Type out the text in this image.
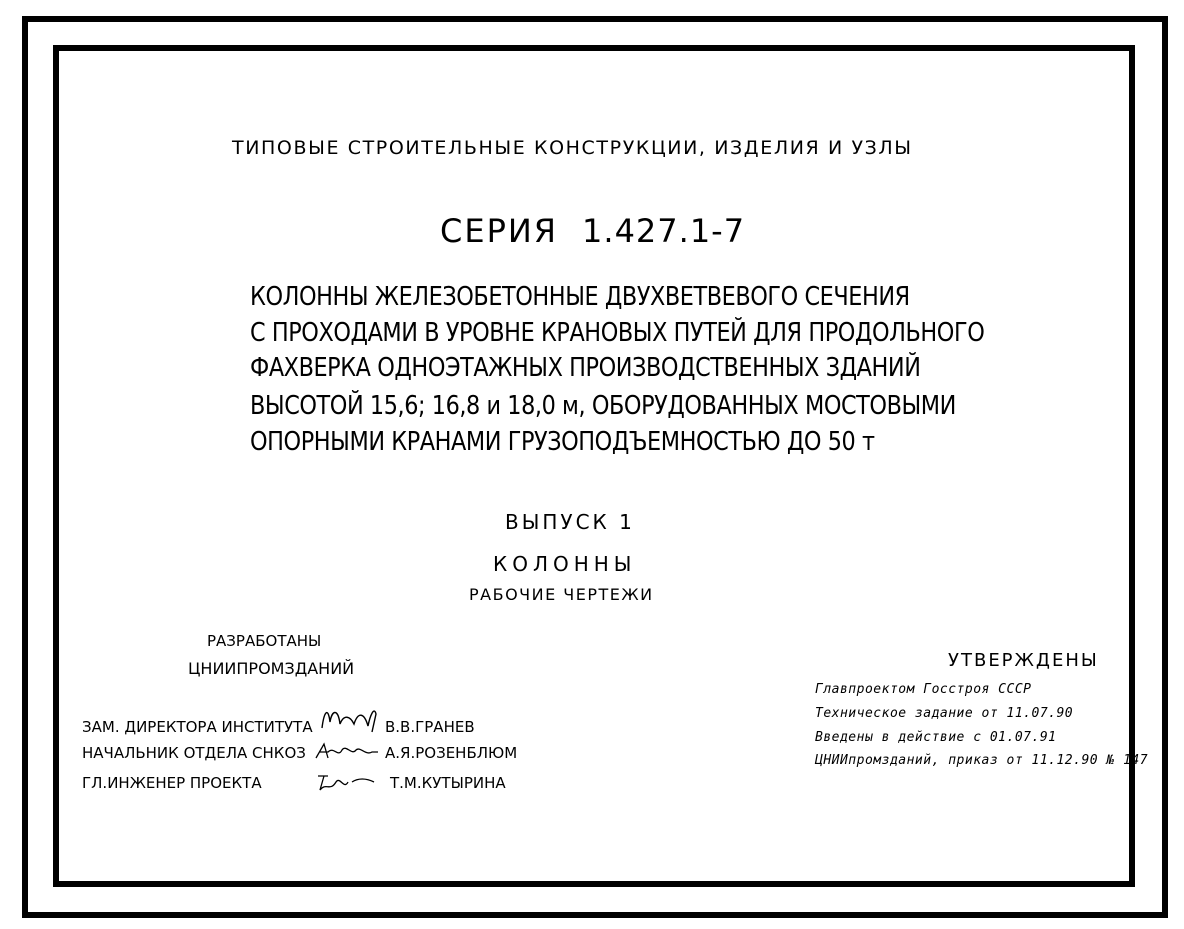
ТИПОВЫЕ СТРОИТЕЛЬНЫЕ КОНСТРУКЦИИ, ИЗДЕЛИЯ И УЗЛЫ
СЕРИЯ 1.427.1-7
КОЛОННЫ ЖЕЛЕЗОБЕТОННЫЕ ДВУХВЕТВЕВОГО СЕЧЕНИЯ
С ПРОХОДАМИ В УРОВНЕ КРАНОВЫХ ПУТЕЙ ДЛЯ ПРОДОЛЬНОГО
ФАХВЕРКА ОДНОЭТАЖНЫХ ПРОИЗВОДСТВЕННЫХ ЗДАНИЙ
ВЫСОТОЙ 15,6; 16,8 и 18,0 м, ОБОРУДОВАННЫХ МОСТОВЫМИ
ОПОРНЫМИ КРАНАМИ ГРУЗОПОДЪЕМНОСТЬЮ ДО 50 т
ВЫПУСК 1
КОЛОННЫ
РАБОЧИЕ ЧЕРТЕЖИ
РАЗРАБОТАНЫ
ЦНИИПРОМЗДАНИЙ
ЗАМ. ДИРЕКТОРА ИНСТИТУТА	В.В.ГРАНЕВ
НАЧАЛЬНИК ОТДЕЛА СНКОЗ	А.Я.РОЗЕНБЛЮМ
ГЛ.ИНЖЕНЕР ПРОЕКТА	Т.М.КУТЫРИНА
УТВЕРЖДЕНЫ
Главпроектом Госстроя СССР
Техническое задание от 11.07.90
Введены в действие с 01.07.91
ЦНИИпромзданий, приказ от 11.12.90 № 147
